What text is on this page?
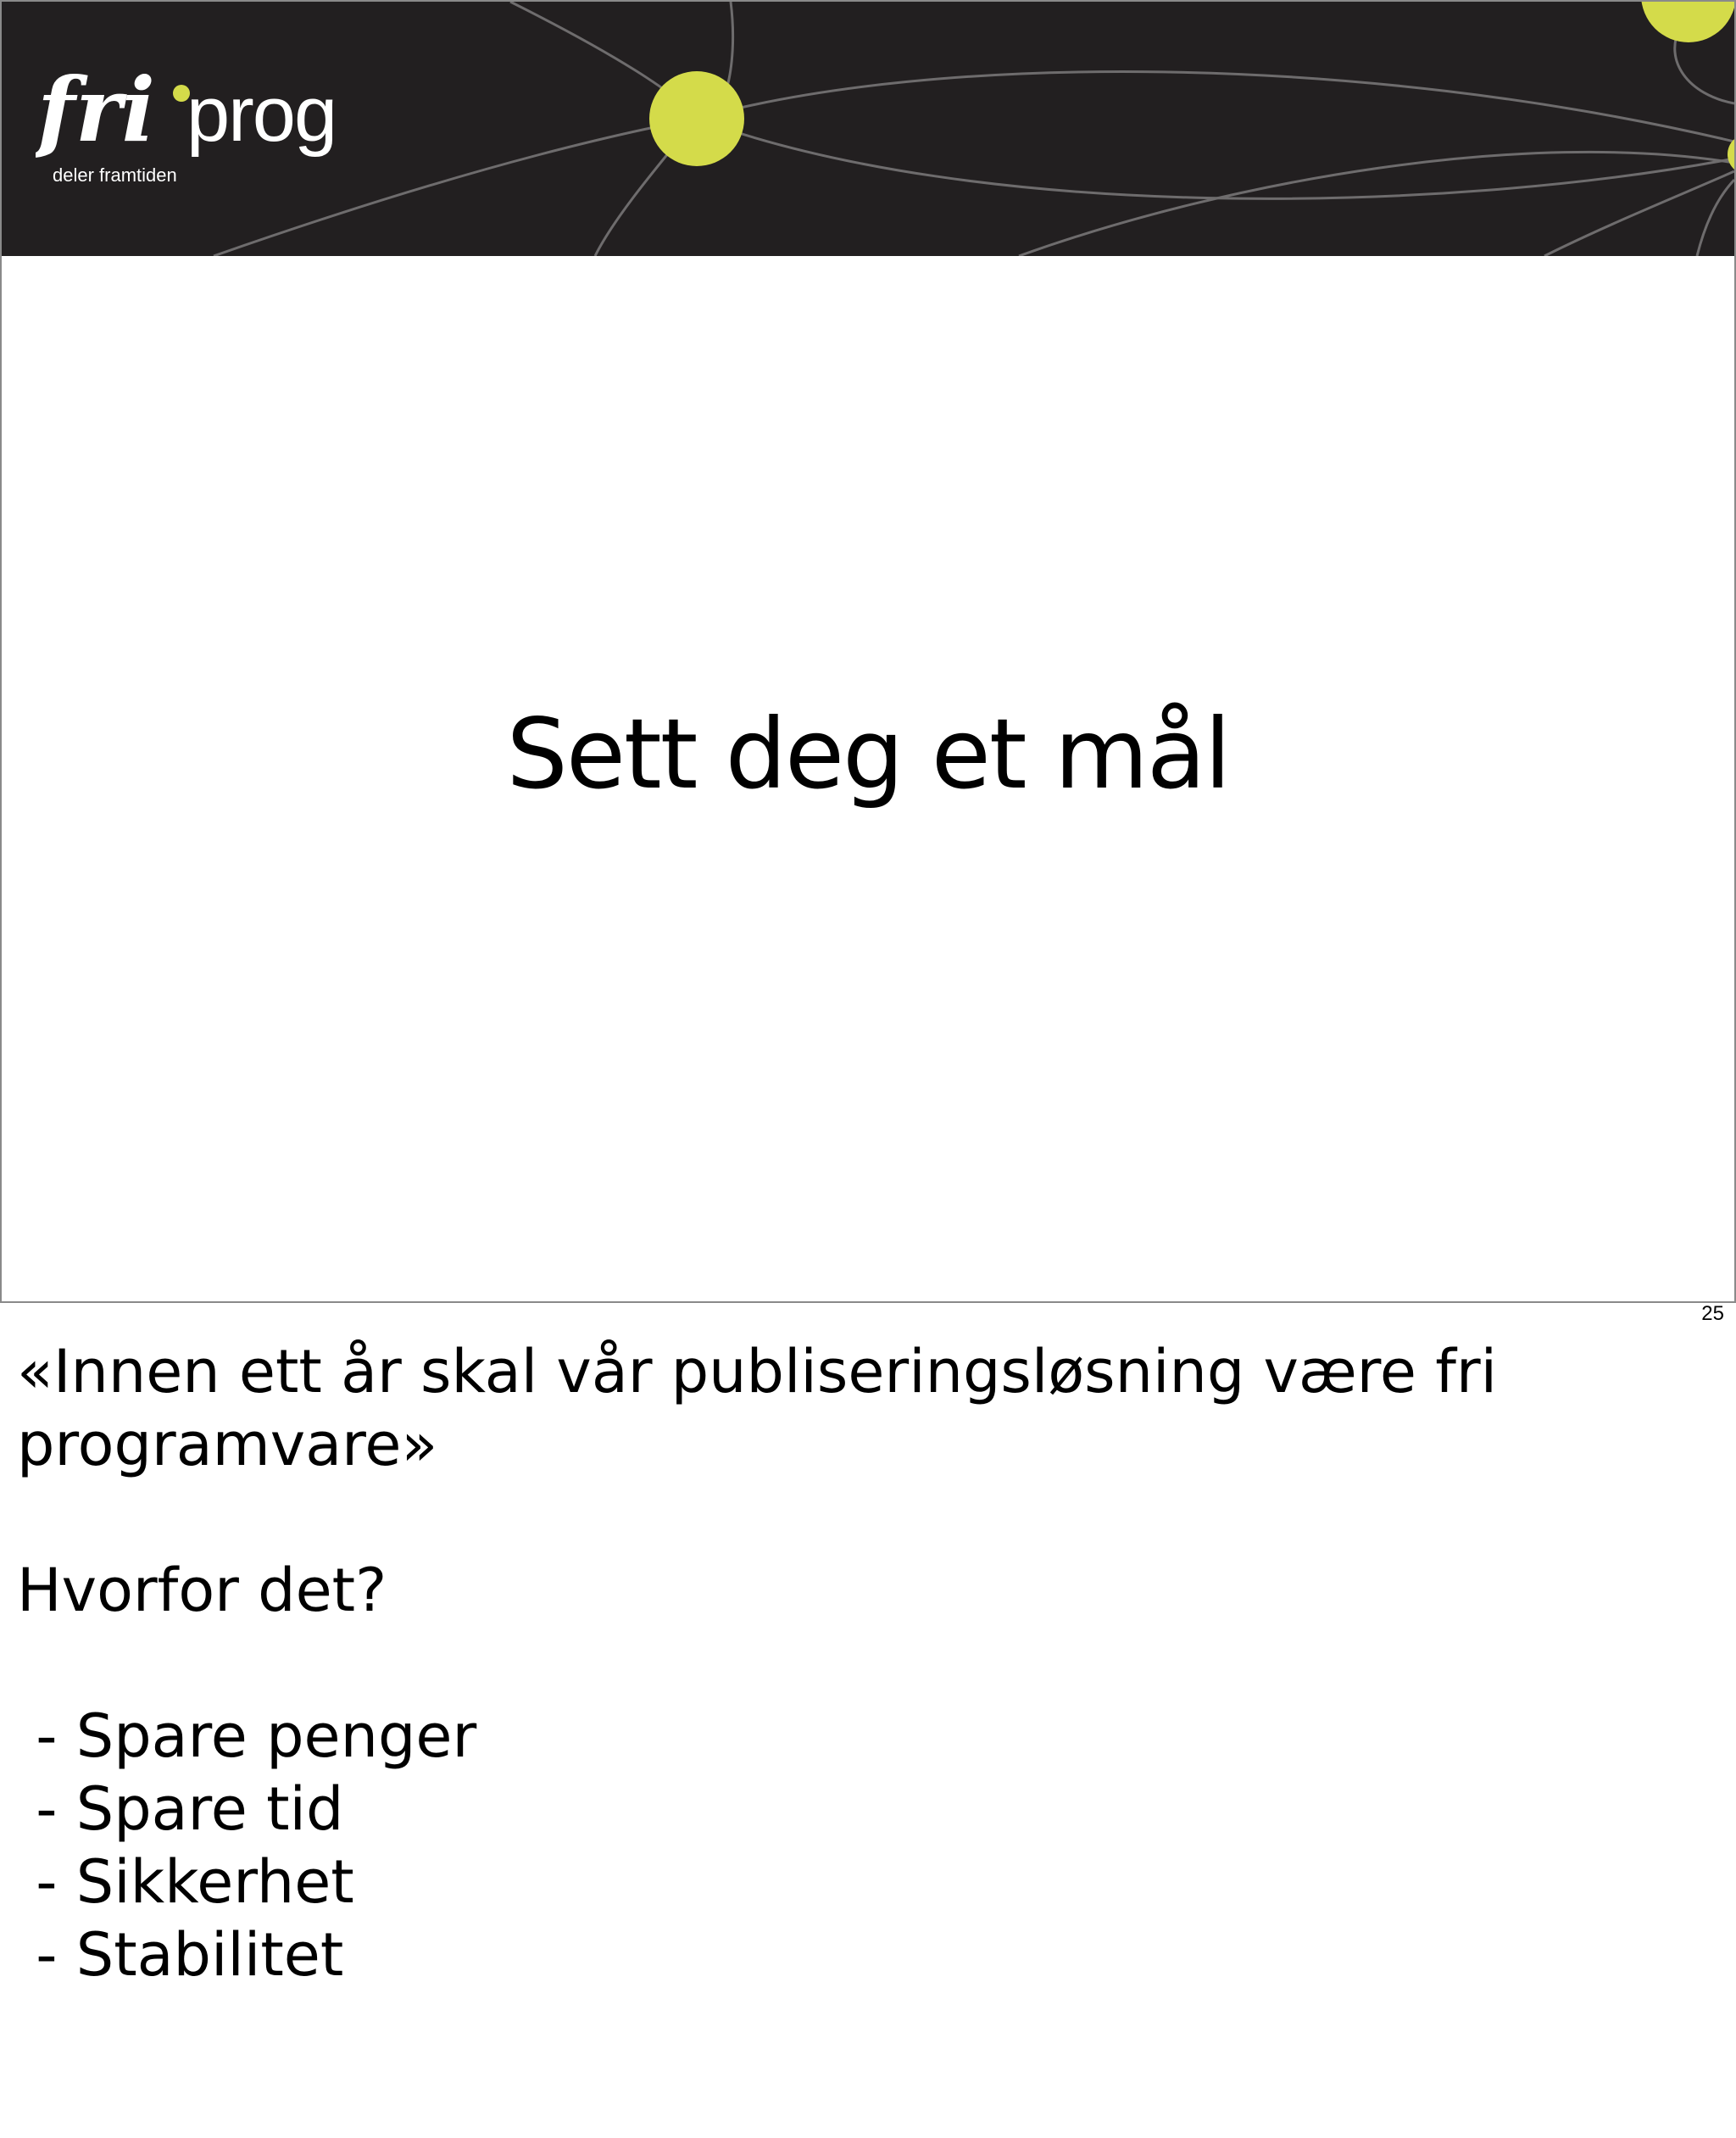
fri prog
deler framtiden
Sett deg et mål
25
«Innen ett år skal vår publiseringsløsning være fri
programvare»
Hvorfor det?
- Spare penger
- Spare tid
- Sikkerhet
- Stabilitet
